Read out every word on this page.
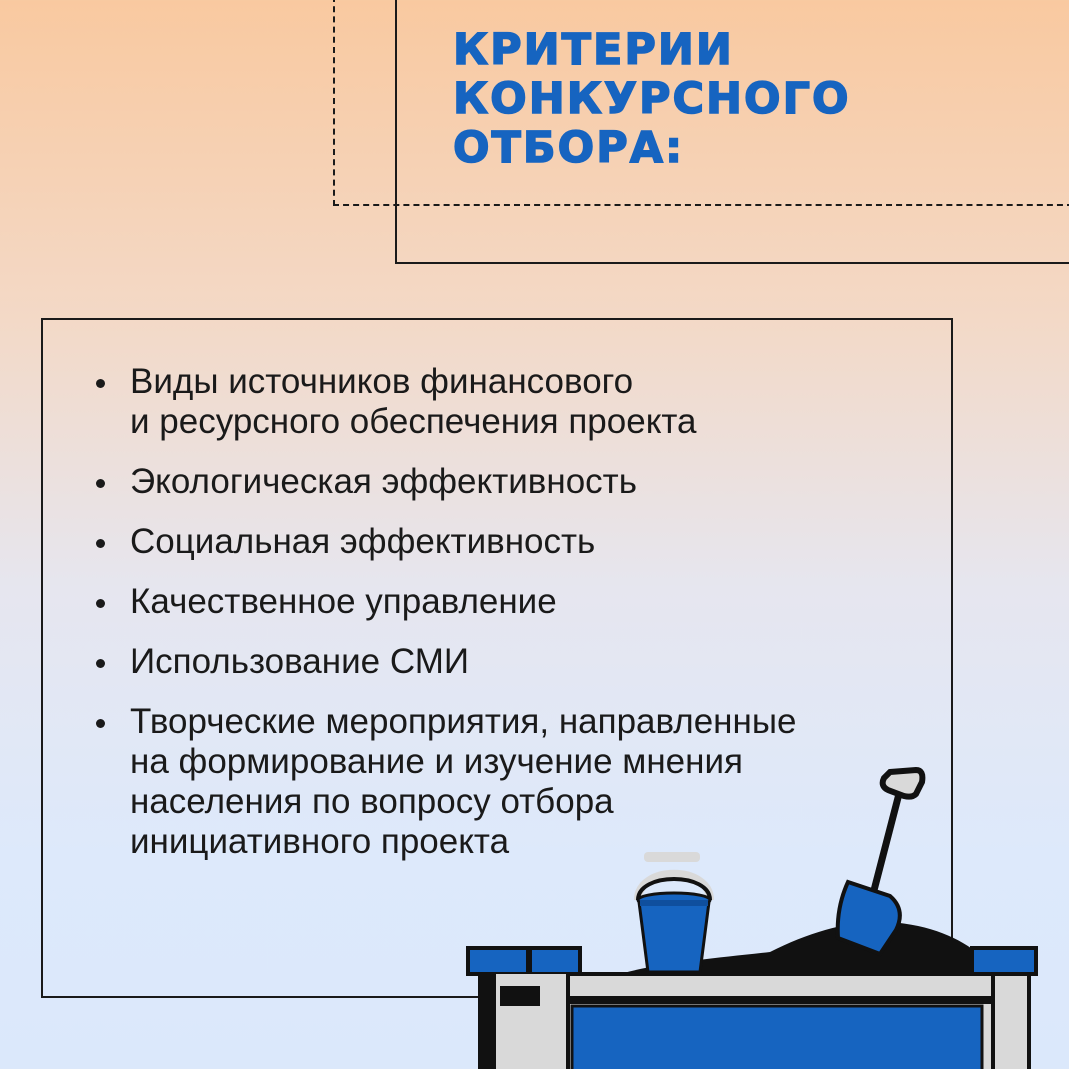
КРИТЕРИИ
КОНКУРСНОГО
ОТБОРА:
Виды источников финансового
и ресурсного обеспечения проекта
Экологическая эффективность
Социальная эффективность
Качественное управление
Использование СМИ
Творческие мероприятия, направленные
на формирование и изучение мнения
населения по вопросу отбора
инициативного проекта
